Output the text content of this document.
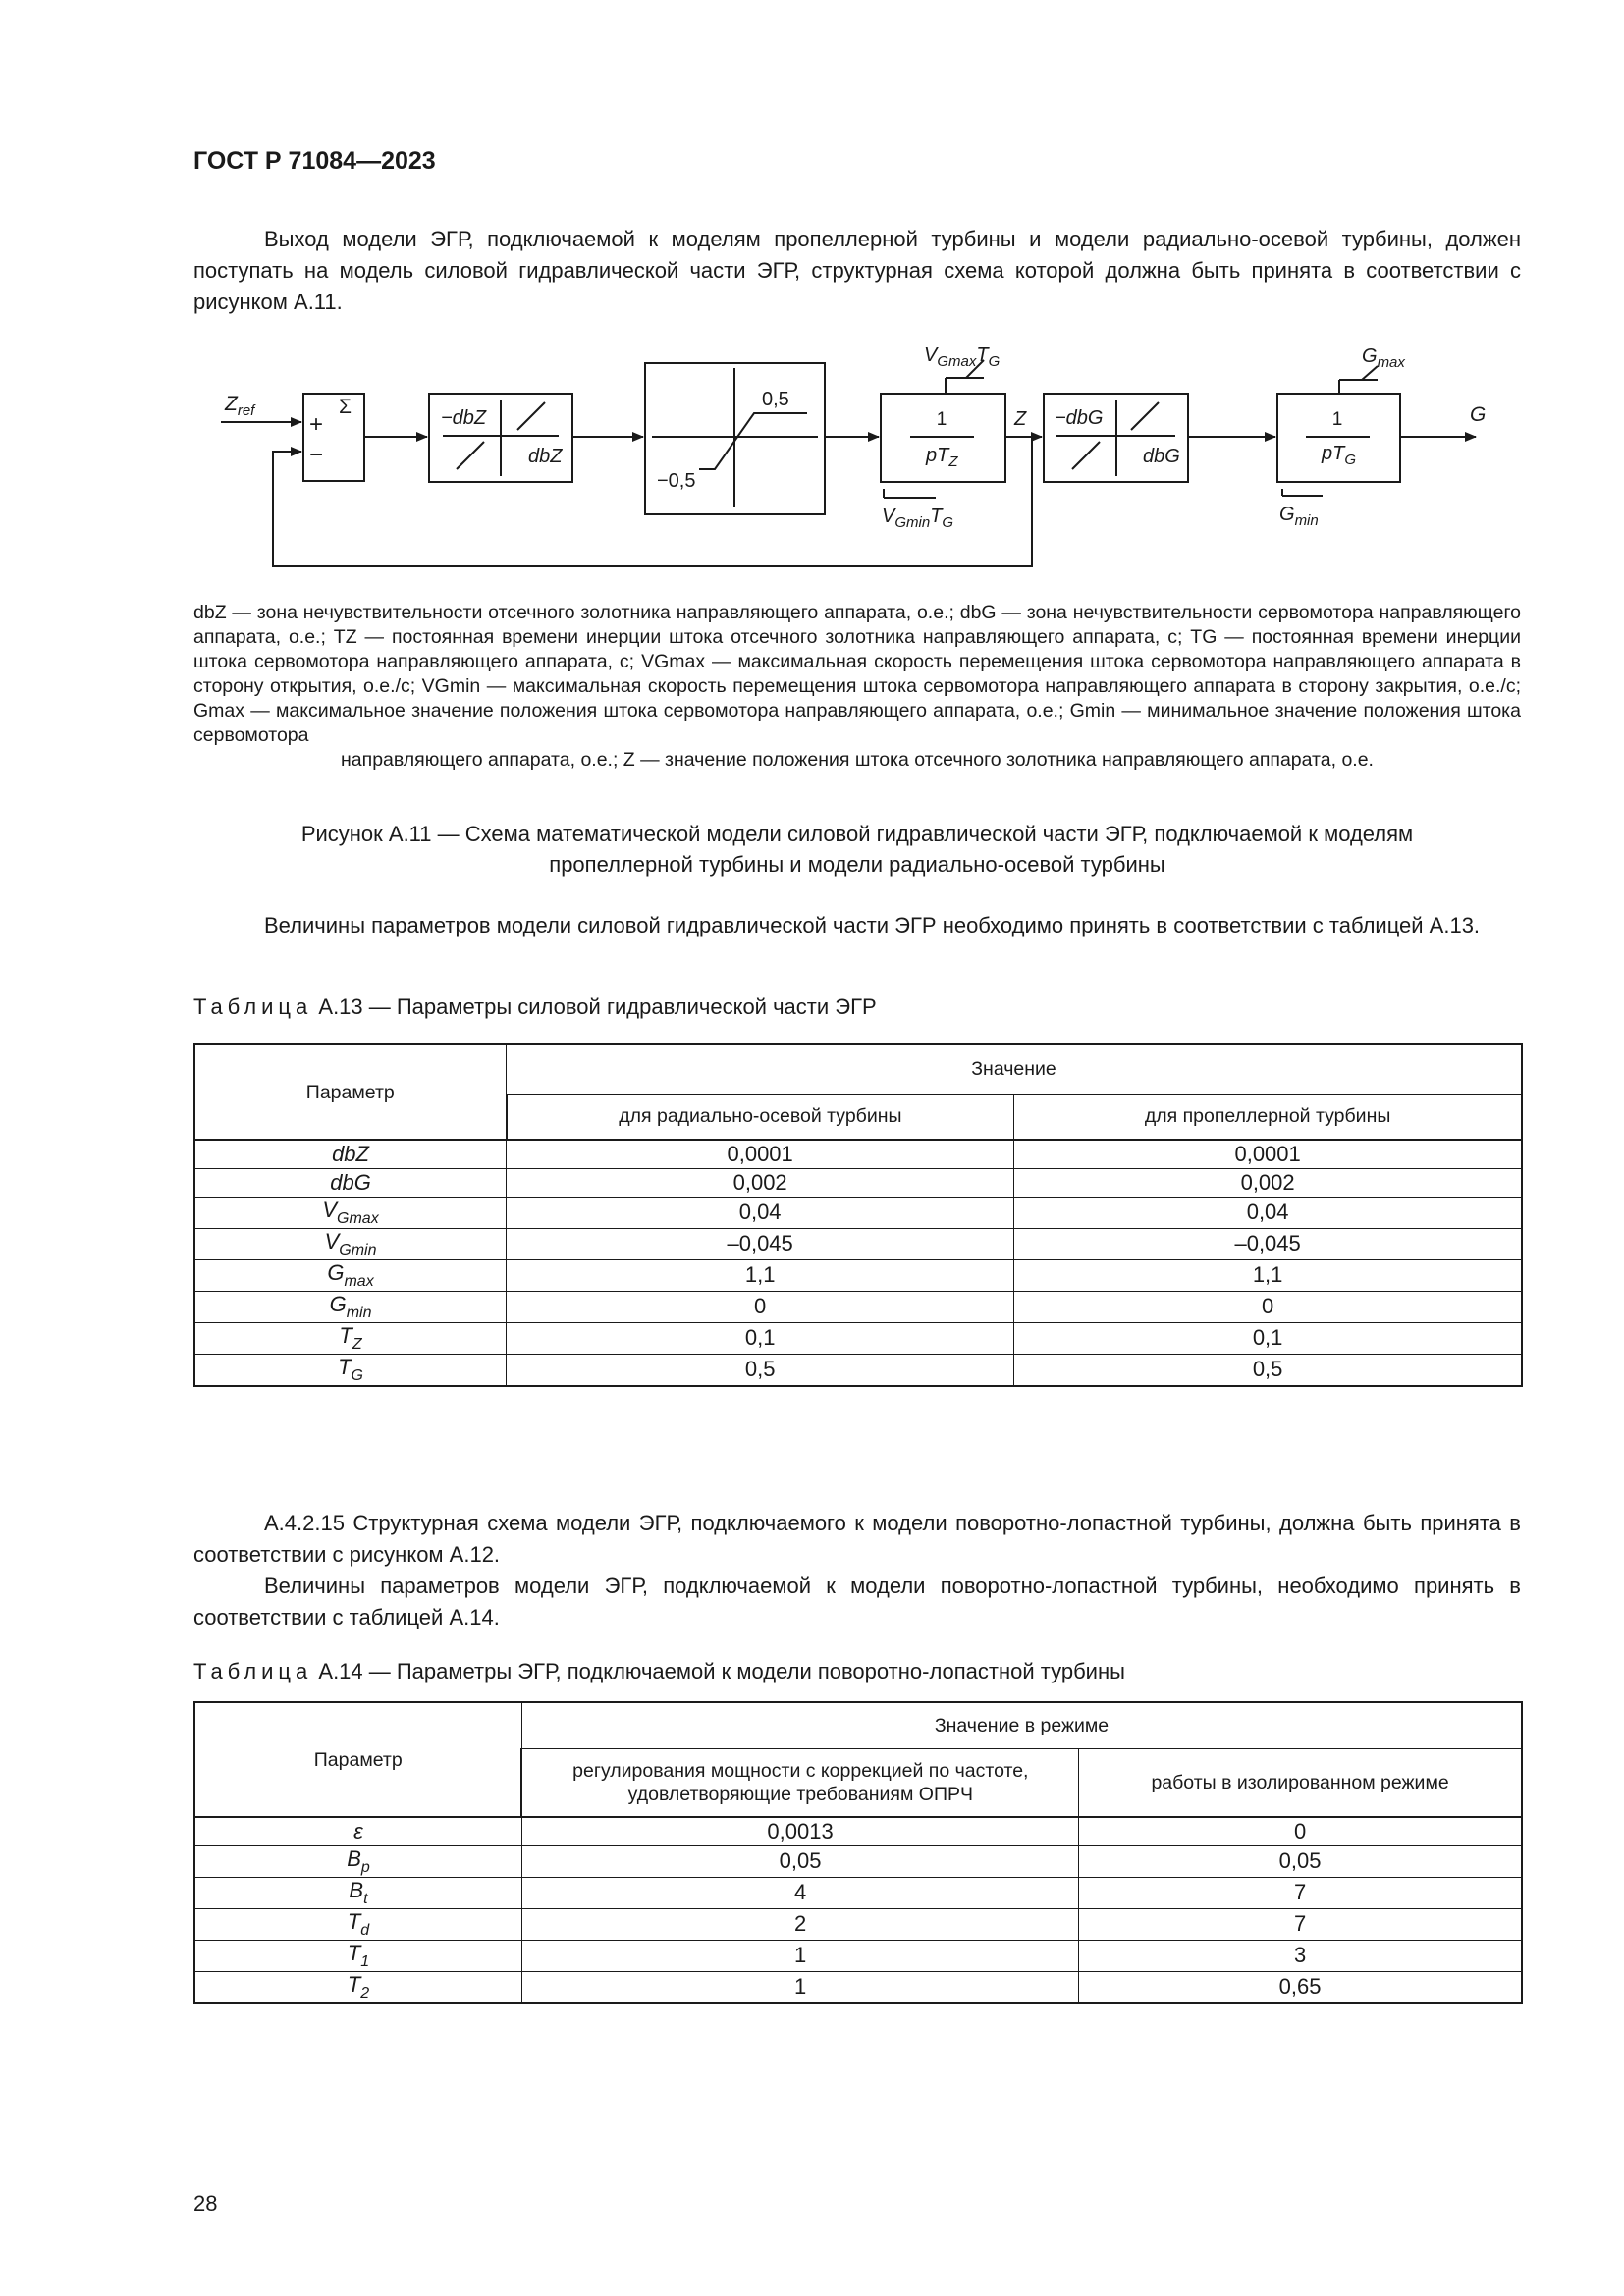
ГОСТ Р 71084—2023

Выход модели ЭГР, подключаемой к моделям пропеллерной турбины и модели радиально-осевой турбины, должен поступать на модель силовой гидравлической части ЭГР, структурная схема которой должна быть принята в соответствии с рисунком А.11.

$Z_{ref}$	Σ
+
−
−dbZ
dbZ
0,5
−0,5
1
$pT_Z$
$V_{Gmax}T_G$
$V_{Gmin}T_G$
Z −dbG
dbG
1
$pT_G$
$G_{max}$
$G_{min}$
G

dbZ — зона нечувствительности отсечного золотника направляющего аппарата, о.е.; dbG — зона нечувствительности сервомотора направляющего аппарата, о.е.; TZ — постоянная времени инерции штока отсечного золотника направляющего аппарата, с; TG — постоянная времени инерции штока сервомотора направляющего аппарата, с; VGmax — максимальная скорость перемещения штока сервомотора направляющего аппарата в сторону открытия, о.е./с; VGmin — максимальная скорость перемещения штока сервомотора направляющего аппарата в сторону закрытия, о.е./с; Gmax — максимальное значение положения штока сервомотора направляющего аппарата, о.е.; Gmin — минимальное значение положения штока сервомотора
направляющего аппарата, о.е.; Z — значение положения штока отсечного золотника направляющего аппарата, о.е.

Рисунок А.11 — Схема математической модели силовой гидравлической части ЭГР, подключаемой к моделям
пропеллерной турбины и модели радиально-осевой турбины

Величины параметров модели силовой гидравлической части ЭГР необходимо принять в соответствии с таблицей А.13.

Таблица А.13 — Параметры силовой гидравлической части ЭГР
Параметр	Значение	
	для радиально-осевой турбины	для пропеллерной турбины
dbZ	0,0001	0,0001
dbG	0,002	0,002
$V_{Gmax}$	0,04	0,04
$V_{Gmin}$	–0,045	–0,045
$G_{max}$	1,1	1,1
$G_{min}$	0	0
$T_Z$	0,1	0,1
$T_G$	0,5	0,5

А.4.2.15 Структурная схема модели ЭГР, подключаемого к модели поворотно-лопастной турбины, должна быть принята в соответствии с рисунком А.12.

Величины параметров модели ЭГР, подключаемой к модели поворотно-лопастной турбины, необходимо принять в соответствии с таблицей А.14.

Таблица А.14 — Параметры ЭГР, подключаемой к модели поворотно-лопастной турбины
Параметр	Значение в режиме	
	регулирования мощности с коррекцией по частоте, удовлетворяющие требованиям ОПРЧ	работы в изолированном режиме
ε	0,0013	0
$B_p$	0,05	0,05
$B_t$	4	7
$T_d$	2	7
$T_1$	1	3
$T_2$	1	0,65
28
